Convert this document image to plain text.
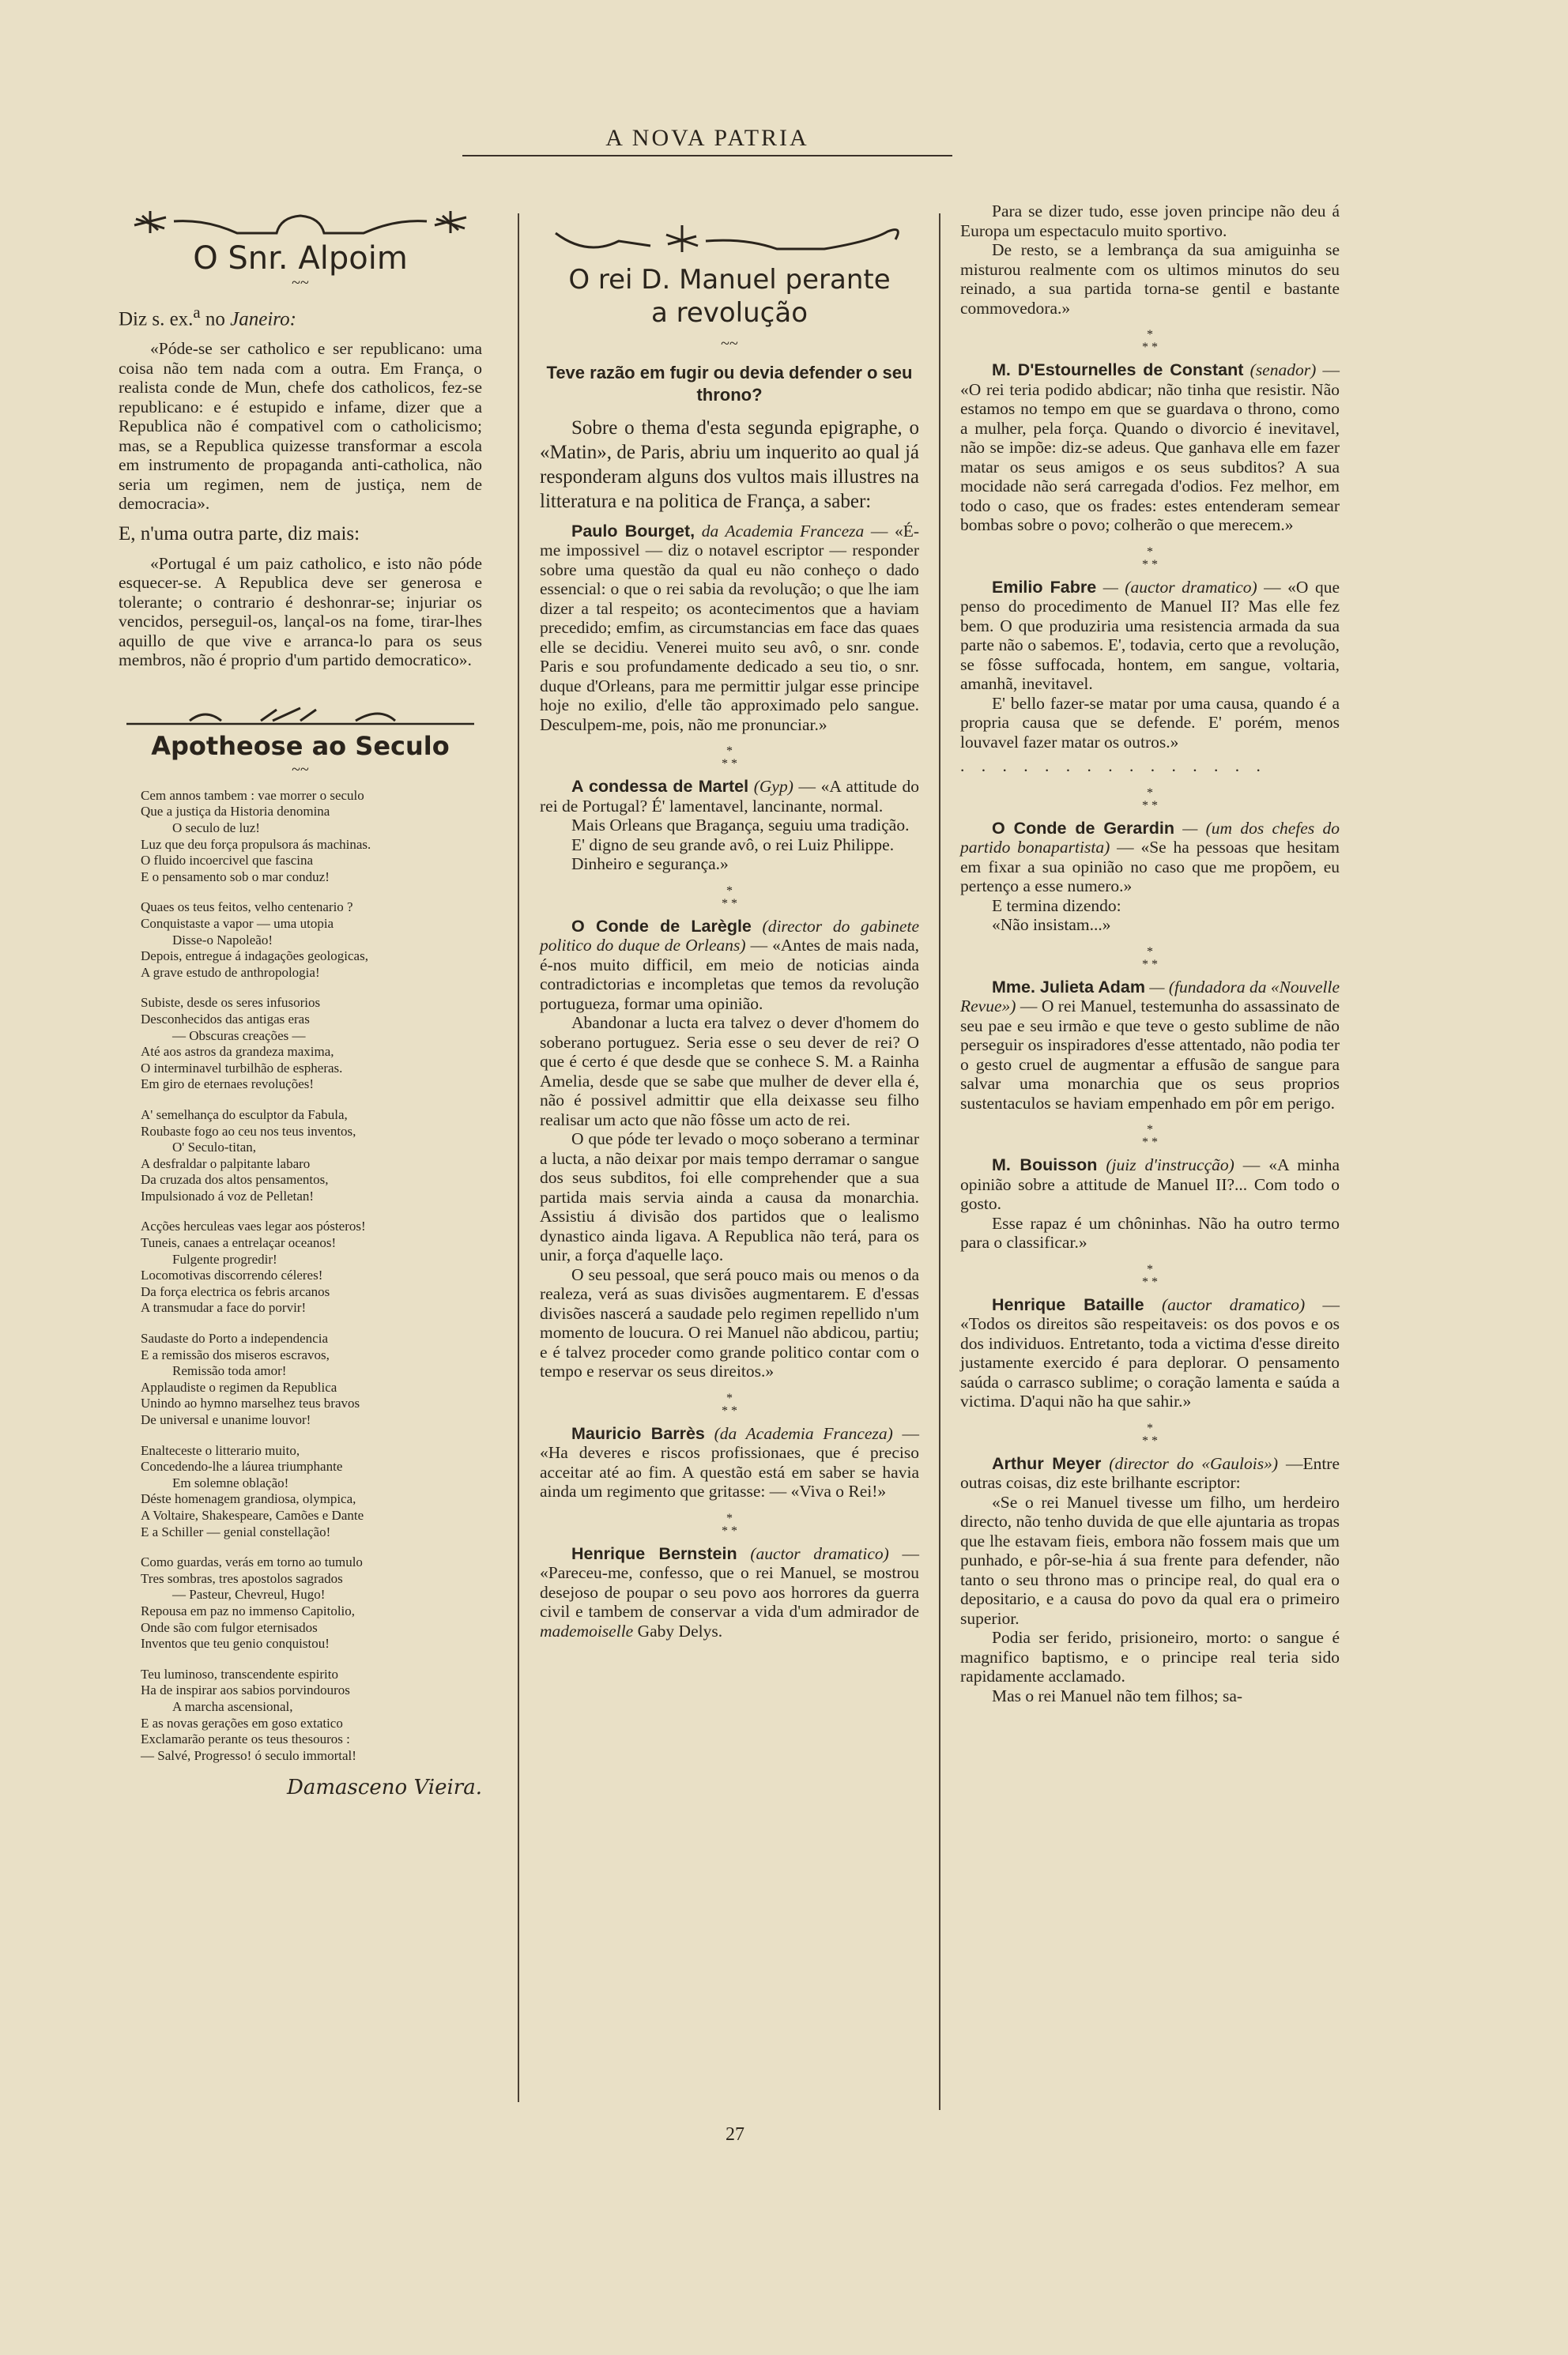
A NOVA PATRIA
O Snr. Alpoim
~~

Diz s. ex.$^a$ no Janeiro:

«Póde-se ser catholico e ser republicano: uma coisa não tem nada com a outra. Em França, o realista conde de Mun, chefe dos catholicos, fez-se republicano: e é estupido e infame, dizer que a Republica não é compativel com o catholicismo; mas, se a Republica quizesse transformar a escola em instrumento de propaganda anti-catholica, não seria um regimen, nem de justiça, nem de democracia».

E, n'uma outra parte, diz mais:

«Portugal é um paiz catholico, e isto não póde esquecer-se. A Republica deve ser generosa e tolerante; o contrario é deshonrar-se; injuriar os vencidos, perseguil-os, lançal-os na fome, tirar-lhes aquillo de que vive e arranca-lo para os seus membros, não é proprio d'um partido democratico».

Apotheose ao Seculo
~~
Cem annos tambem : vae morrer o seculo
Que a justiça da Historia denomina
O seculo de luz!
Luz que deu força propulsora ás machinas.
O fluido incoercivel que fascina
E o pensamento sob o mar conduz!
Quaes os teus feitos, velho centenario ?
Conquistaste a vapor — uma utopia
Disse-o Napoleão!
Depois, entregue á indagações geologicas,
A grave estudo de anthropologia!
Subiste, desde os seres infusorios
Desconhecidos das antigas eras
— Obscuras creações —
Até aos astros da grandeza maxima,
O interminavel turbilhão de espheras.
Em giro de eternaes revoluções!
A' semelhança do esculptor da Fabula,
Roubaste fogo ao ceu nos teus inventos,
O' Seculo-titan,
A desfraldar o palpitante labaro
Da cruzada dos altos pensamentos,
Impulsionado á voz de Pelletan!
Acções herculeas vaes legar aos pósteros!
Tuneis, canaes a entrelaçar oceanos!
Fulgente progredir!
Locomotivas discorrendo céleres!
Da força electrica os febris arcanos
A transmudar a face do porvir!
Saudaste do Porto a independencia
E a remissão dos miseros escravos,
Remissão toda amor!
Applaudiste o regimen da Republica
Unindo ao hymno marselhez teus bravos
De universal e unanime louvor!
Enalteceste o litterario muito,
Concedendo-lhe a láurea triumphante
Em solemne oblação!
Déste homenagem grandiosa, olympica,
A Voltaire, Shakespeare, Camões e Dante
E a Schiller — genial constellação!
Como guardas, verás em torno ao tumulo
Tres sombras, tres apostolos sagrados
— Pasteur, Chevreul, Hugo!
Repousa em paz no immenso Capitolio,
Onde são com fulgor eternisados
Inventos que teu genio conquistou!
Teu luminoso, transcendente espirito
Ha de inspirar aos sabios porvindouros
A marcha ascensional,
E as novas gerações em goso extatico
Exclamarão perante os teus thesouros :
— Salvé, Progresso! ó seculo immortal!
Damasceno Vieira.
O rei D. Manuel perante
a revolução
~~
Teve razão em fugir ou devia defender o seu throno?

Sobre o thema d'esta segunda epigraphe, o «Matin», de Paris, abriu um inquerito ao qual já responderam alguns dos vultos mais illustres na litteratura e na politica de França, a saber:

Paulo Bourget, da Academia Franceza — «É-me impossivel — diz o notavel escriptor — responder sobre uma questão da qual eu não conheço o dado essencial: o que o rei sabia da revolução; o que lhe iam dizer a tal respeito; os acontecimentos que a haviam precedido; emfim, as circumstancias em face das quaes elle se decidiu. Venerei muito seu avô, o snr. conde Paris e sou profundamente dedicado a seu tio, o snr. duque d'Orleans, para me permittir julgar esse principe hoje no exilio, d'elle tão approximado pelo sangue. Desculpem-me, pois, não me pronunciar.»

*
* *

A condessa de Martel (Gyp) — «A attitude do rei de Portugal? É' lamentavel, lancinante, normal.

Mais Orleans que Bragança, seguiu uma tradição.

E' digno de seu grande avô, o rei Luiz Philippe.

Dinheiro e segurança.»

*
* *

O Conde de Larègle (director do gabinete politico do duque de Orleans) — «Antes de mais nada, é-nos muito difficil, em meio de noticias ainda contradictorias e incompletas que temos da revolução portugueza, formar uma opinião.

Abandonar a lucta era talvez o dever d'homem do soberano portuguez. Seria esse o seu dever de rei? O que é certo é que desde que se conhece S. M. a Rainha Amelia, desde que se sabe que mulher de dever ella é, não é possivel admittir que ella deixasse seu filho realisar um acto que não fôsse um acto de rei.

O que póde ter levado o moço soberano a terminar a lucta, a não deixar por mais tempo derramar o sangue dos seus subditos, foi elle comprehender que a sua partida mais servia ainda a causa da monarchia. Assistiu á divisão dos partidos que o lealismo dynastico ainda ligava. A Republica não terá, para os unir, a força d'aquelle laço.

O seu pessoal, que será pouco mais ou menos o da realeza, verá as suas divisões augmentarem. E d'essas divisões nascerá a saudade pelo regimen repellido n'um momento de loucura. O rei Manuel não abdicou, partiu; e é talvez proceder como grande politico contar com o tempo e reservar os seus direitos.»

*
* *

Mauricio Barrès (da Academia Franceza) — «Ha deveres e riscos profissionaes, que é preciso acceitar até ao fim. A questão está em saber se havia ainda um regimento que gritasse: — «Viva o Rei!»

*
* *

Henrique Bernstein (auctor dramatico) — «Pareceu-me, confesso, que o rei Manuel, se mostrou desejoso de poupar o seu povo aos horrores da guerra civil e tambem de conservar a vida d'um admirador de mademoiselle Gaby Delys.

Para se dizer tudo, esse joven principe não deu á Europa um espectaculo muito sportivo.

De resto, se a lembrança da sua amiguinha se misturou realmente com os ultimos minutos do seu reinado, a sua partida torna-se gentil e bastante commovedora.»

*
* *

M. D'Estournelles de Constant (senador) — «O rei teria podido abdicar; não tinha que resistir. Não estamos no tempo em que se guardava o throno, como a mulher, pela força. Quando o divorcio é inevitavel, não se impõe: diz-se adeus. Que ganhava elle em fazer matar os seus amigos e os seus subditos? A sua mocidade não será carregada d'odios. Fez melhor, em todo o caso, que os frades: estes entenderam semear bombas sobre o povo; colherão o que merecem.»

*
* *

Emilio Fabre — (auctor dramatico) — «O que penso do procedimento de Manuel II? Mas elle fez bem. O que produziria uma resistencia armada da sua parte não o sabemos. E', todavia, certo que a revolução, se fôsse suffocada, hontem, em sangue, voltaria, amanhã, inevitavel.

E' bello fazer-se matar por uma causa, quando é a propria causa que se defende. E' porém, menos louvavel fazer matar os outros.»

. . . . . . . . . . . . . . .
*
* *

O Conde de Gerardin — (um dos chefes do partido bonapartista) — «Se ha pessoas que hesitam em fixar a sua opinião no caso que me propõem, eu pertenço a esse numero.»

E termina dizendo:

«Não insistam...»

*
* *

Mme. Julieta Adam — (fundadora da «Nouvelle Revue») — O rei Manuel, testemunha do assassinato de seu pae e seu irmão e que teve o gesto sublime de não perseguir os inspiradores d'esse attentado, não podia ter o gesto cruel de augmentar a effusão de sangue para salvar uma monarchia que os seus proprios sustentaculos se haviam empenhado em pôr em perigo.

*
* *

M. Bouisson (juiz d'instrucção) — «A minha opinião sobre a attitude de Manuel II?... Com todo o gosto.

Esse rapaz é um chôninhas. Não ha outro termo para o classificar.»

*
* *

Henrique Bataille (auctor dramatico) — «Todos os direitos são respeitaveis: os dos povos e os dos individuos. Entretanto, toda a victima d'esse direito justamente exercido é para deplorar. O pensamento saúda o carrasco sublime; o coração lamenta e saúda a victima. D'aqui não ha que sahir.»

*
* *

Arthur Meyer (director do «Gaulois») —Entre outras coisas, diz este brilhante escriptor:

«Se o rei Manuel tivesse um filho, um herdeiro directo, não tenho duvida de que elle ajuntaria as tropas que lhe estavam fieis, embora não fossem mais que um punhado, e pôr-se-hia á sua frente para defender, não tanto o seu throno mas o principe real, do qual era o depositario, e a causa do povo da qual era o primeiro superior.

Podia ser ferido, prisioneiro, morto: o sangue é magnifico baptismo, e o principe real teria sido rapidamente acclamado.

Mas o rei Manuel não tem filhos; sa-

27
